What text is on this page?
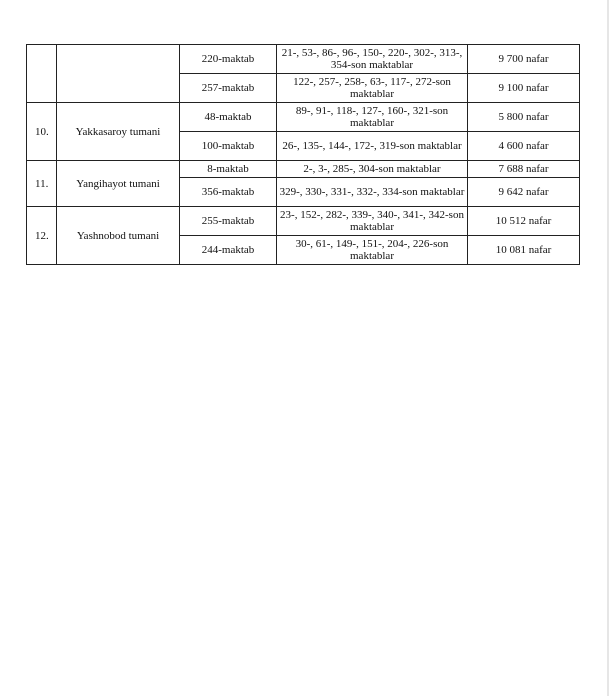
		220-maktab	21-, 53-, 86-, 96-, 150-, 220-, 302-, 313-, 354-son maktablar	9 700 nafar
		257-maktab	122-, 257-, 258-, 63-, 117-, 272-son maktablar	9 100 nafar
10.	Yakkasaroy tumani	48-maktab	89-, 91-, 118-, 127-, 160-, 321-son maktablar	5 800 nafar
		100-maktab	26-, 135-, 144-, 172-, 319-son maktablar	4 600 nafar
11.	Yangihayot tumani	8-maktab	2-, 3-, 285-, 304-son maktablar	7 688 nafar
		356-maktab	329-, 330-, 331-, 332-, 334-son maktablar	9 642 nafar
12.	Yashnobod tumani	255-maktab	23-, 152-, 282-, 339-, 340-, 341-, 342-son maktablar	10 512 nafar
		244-maktab	30-, 61-, 149-, 151-, 204-, 226-son maktablar	10 081 nafar
